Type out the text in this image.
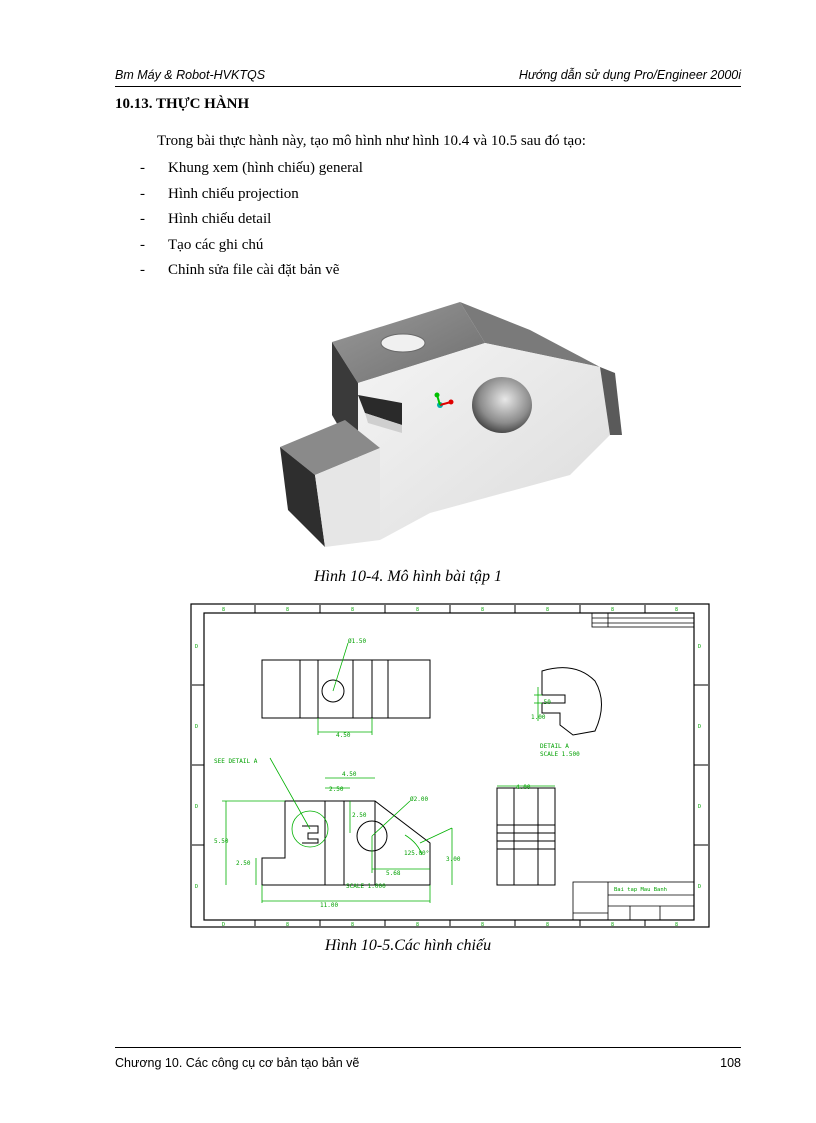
Bm Máy & Robot-HVKTQS	Hướng dẫn sử dụng Pro/Engineer 2000i
10.13. THỰC HÀNH
Trong bài thực hành này, tạo mô hình như hình 10.4 và 10.5 sau đó tạo:
- Khung xem (hình chiếu) general
- Hình chiếu projection
- Hình chiếu detail
- Tạo các ghi chú
- Chỉnh sửa file cài đặt bản vẽ
Hình 10-4. Mô hình bài tập 1
8	8	8	8	8	8	8	8
D	8	8	8	8	8	8	8
D
D
D
D
D
D
D
D
Ø1.50
4.50
.50
1.00
DETAIL A
SCALE 1.500
SEE DETAIL A
4.50
2.50
Ø2.00
2.50
5.50
2.50
125.00°
3.00
5.68
SCALE 1.000
11.00
4.00
Bai tap Mau Banh
Hình 10-5.Các hình chiếu
Chương 10. Các công cụ cơ bản tạo bản vẽ	108
